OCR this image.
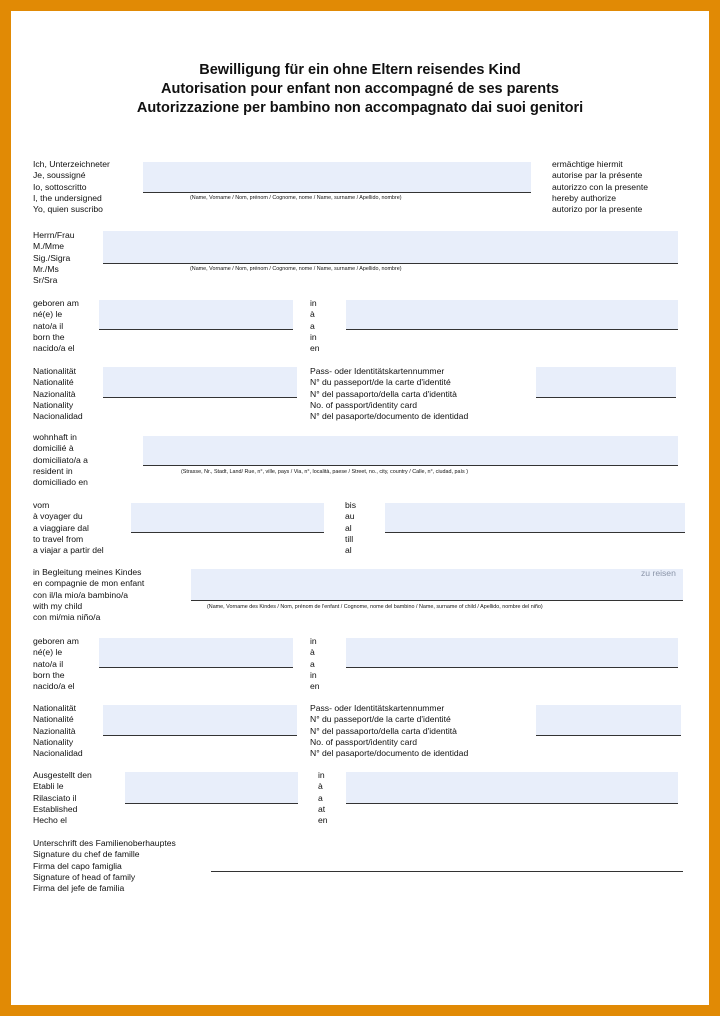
Bewilligung für ein ohne Eltern reisendes Kind
Autorisation pour enfant non accompagné de ses parents
Autorizzazione per bambino non accompagnato dai suoi genitori
Ich, Unterzeichneter
Je, soussigné
Io, sottoscritto
I, the undersigned
Yo, quien suscribo
(Name, Vorname / Nom, prénom / Cognome, nome / Name, surname / Apellido, nombre)
ermächtige hiermit
autorise par la présente
autorizzo con la presente
hereby authorize
autorizo por la presente
Herrn/Frau
M./Mme
Sig./Sigra
Mr./Ms
Sr/Sra
(Name, Vorname / Nom, prénom / Cognome, nome / Name, surname / Apellido, nombre)
geboren am
né(e) le
nato/a il
born the
nacido/a el
in
à
a
in
en
Nationalität
Nationalité
Nazionalità
Nationality
Nacionalidad
Pass- oder Identitätskartennummer
N° du passeport/de la carte d'identité
N° del passaporto/della carta d'identità
No. of passport/identity card
N° del pasaporte/documento de identidad
wohnhaft in
domicilié à
domiciliato/a a
resident in
domiciliado en
(Strasse, Nr., Stadt, Land/ Rue, n°, ville, pays / Via, n°, località, paese / Street, no., city, country / Calle, n°, ciudad, país )
vom
à voyager du
a viaggiare dal
to travel from
a viajar a partir del
bis
au
al
till
al
in Begleitung meines Kindes
en compagnie de mon enfant
con il/la mio/a bambino/a
with my child
con mi/mia niño/a
zu reisen
(Name, Vorname des Kindes / Nom, prénom de l'enfant / Cognome, nome del bambino / Name, surname of child / Apellido, nombre del niño)
geboren am
né(e) le
nato/a il
born the
nacido/a el
in
à
a
in
en
Nationalität
Nationalité
Nazionalità
Nationality
Nacionalidad
Pass- oder Identitätskartennummer
N° du passeport/de la carte d'identité
N° del passaporto/della carta d'identità
No. of passport/identity card
N° del pasaporte/documento de identidad
Ausgestellt den
Etabli le
Rilasciato il
Established
Hecho el
in
à
a
at
en
Unterschrift des Familienoberhauptes
Signature du chef de famille
Firma del capo famiglia
Signature of head of family
Firma del jefe de familia
